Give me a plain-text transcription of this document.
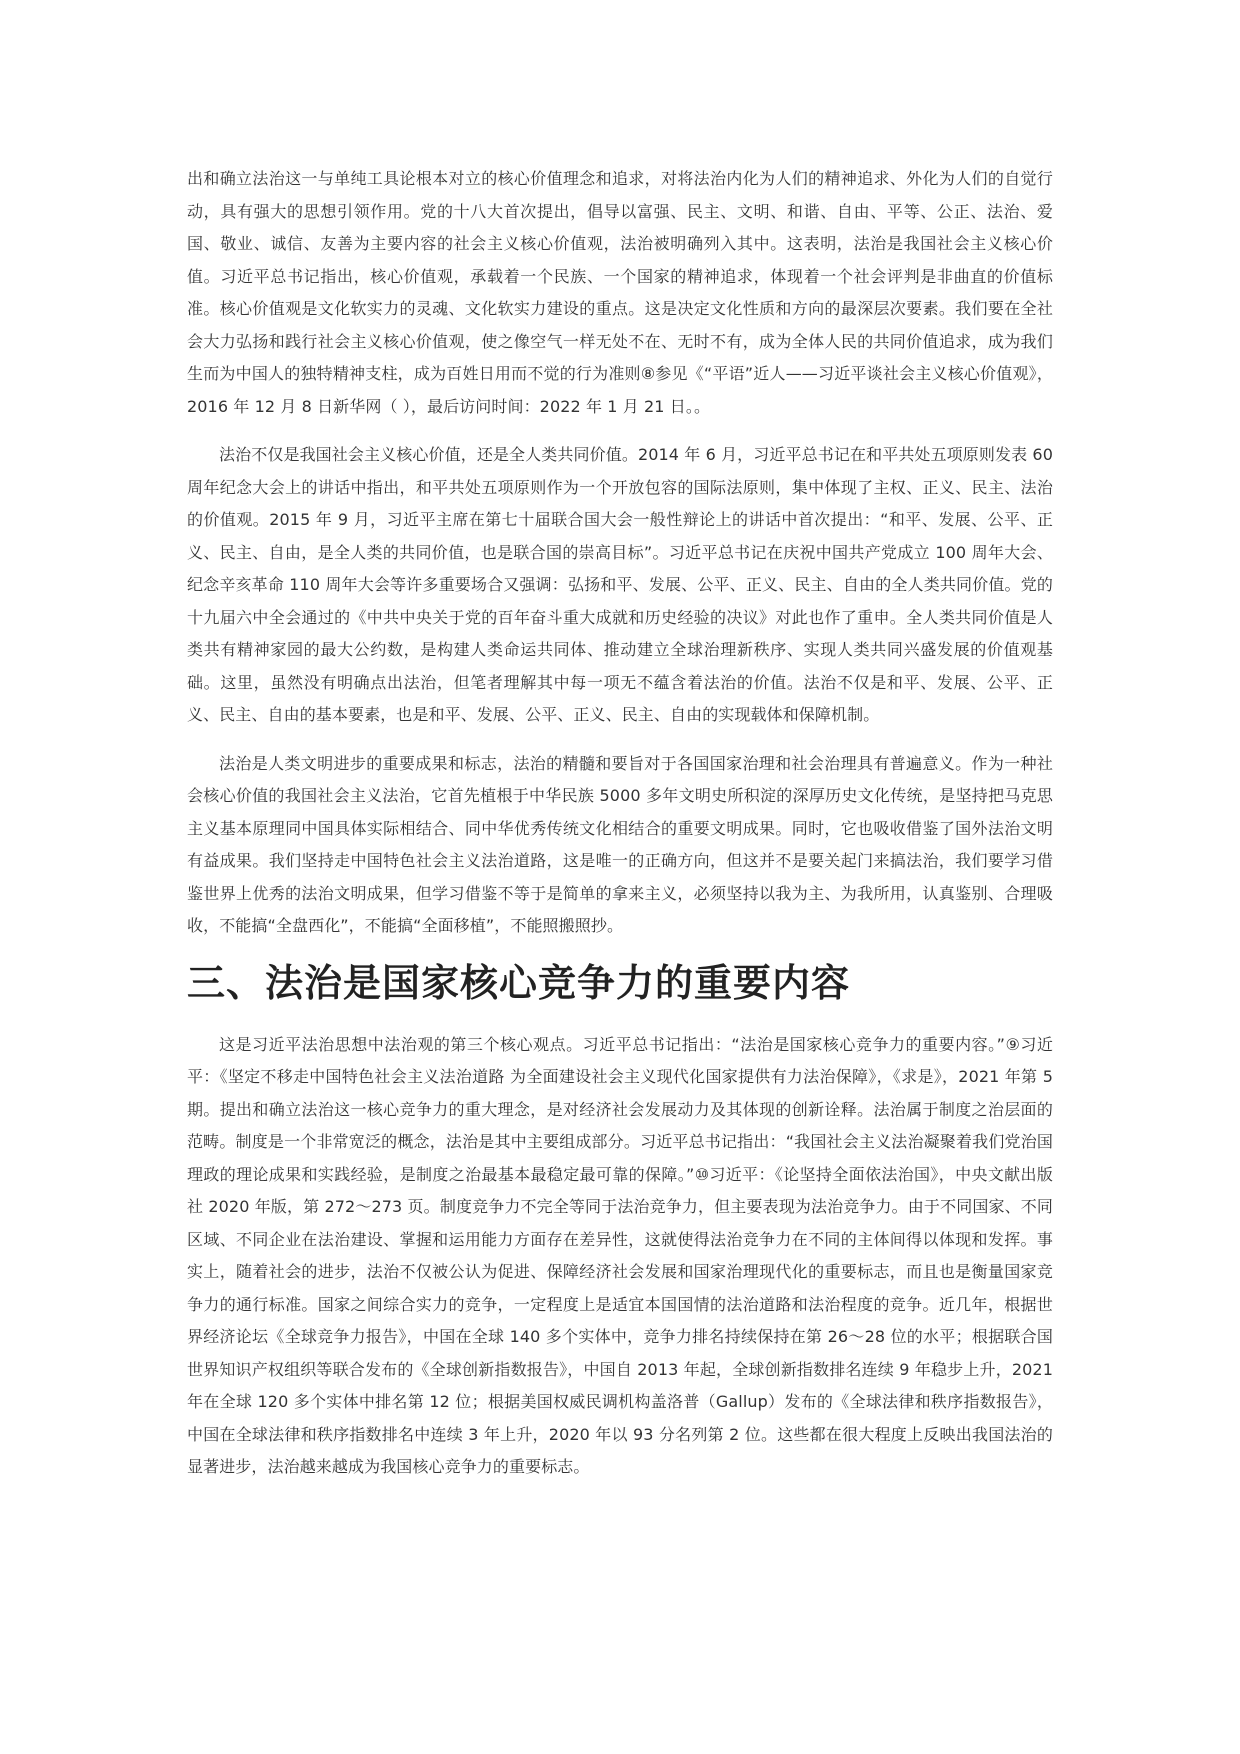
出和确立法治这一与单纯工具论根本对立的核心价值理念和追求，对将法治内化为人们的精神追求、外化为人们的自觉行动，具有强大的思想引领作用。党的十八大首次提出，倡导以富强、民主、文明、和谐、自由、平等、公正、法治、爱国、敬业、诚信、友善为主要内容的社会主义核心价值观，法治被明确列入其中。这表明，法治是我国社会主义核心价值。习近平总书记指出，核心价值观，承载着一个民族、一个国家的精神追求，体现着一个社会评判是非曲直的价值标准。核心价值观是文化软实力的灵魂、文化软实力建设的重点。这是决定文化性质和方向的最深层次要素。我们要在全社会大力弘扬和践行社会主义核心价值观，使之像空气一样无处不在、无时不有，成为全体人民的共同价值追求，成为我们生而为中国人的独特精神支柱，成为百姓日用而不觉的行为准则⑧参见《“平语”近人——习近平谈社会主义核心价值观》，2016 年 12 月 8 日新华网（ ），最后访问时间：2022 年 1 月 21 日。。

法治不仅是我国社会主义核心价值，还是全人类共同价值。2014 年 6 月，习近平总书记在和平共处五项原则发表 60 周年纪念大会上的讲话中指出，和平共处五项原则作为一个开放包容的国际法原则，集中体现了主权、正义、民主、法治的价值观。2015 年 9 月，习近平主席在第七十届联合国大会一般性辩论上的讲话中首次提出：“和平、发展、公平、正义、民主、自由，是全人类的共同价值，也是联合国的崇高目标”。习近平总书记在庆祝中国共产党成立 100 周年大会、纪念辛亥革命 110 周年大会等许多重要场合又强调：弘扬和平、发展、公平、正义、民主、自由的全人类共同价值。党的十九届六中全会通过的《中共中央关于党的百年奋斗重大成就和历史经验的决议》对此也作了重申。全人类共同价值是人类共有精神家园的最大公约数，是构建人类命运共同体、推动建立全球治理新秩序、实现人类共同兴盛发展的价值观基础。这里，虽然没有明确点出法治，但笔者理解其中每一项无不蕴含着法治的价值。法治不仅是和平、发展、公平、正义、民主、自由的基本要素，也是和平、发展、公平、正义、民主、自由的实现载体和保障机制。

法治是人类文明进步的重要成果和标志，法治的精髓和要旨对于各国国家治理和社会治理具有普遍意义。作为一种社会核心价值的我国社会主义法治，它首先植根于中华民族 5000 多年文明史所积淀的深厚历史文化传统，是坚持把马克思主义基本原理同中国具体实际相结合、同中华优秀传统文化相结合的重要文明成果。同时，它也吸收借鉴了国外法治文明有益成果。我们坚持走中国特色社会主义法治道路，这是唯一的正确方向，但这并不是要关起门来搞法治，我们要学习借鉴世界上优秀的法治文明成果，但学习借鉴不等于是简单的拿来主义，必须坚持以我为主、为我所用，认真鉴别、合理吸收，不能搞“全盘西化”，不能搞“全面移植”，不能照搬照抄。

三、法治是国家核心竞争力的重要内容

这是习近平法治思想中法治观的第三个核心观点。习近平总书记指出：“法治是国家核心竞争力的重要内容。”⑨习近平：《坚定不移走中国特色社会主义法治道路 为全面建设社会主义现代化国家提供有力法治保障》，《求是》，2021 年第 5 期。提出和确立法治这一核心竞争力的重大理念，是对经济社会发展动力及其体现的创新诠释。法治属于制度之治层面的范畴。制度是一个非常宽泛的概念，法治是其中主要组成部分。习近平总书记指出：“我国社会主义法治凝聚着我们党治国理政的理论成果和实践经验，是制度之治最基本最稳定最可靠的保障。”⑩习近平：《论坚持全面依法治国》，中央文献出版社 2020 年版，第 272～273 页。制度竞争力不完全等同于法治竞争力，但主要表现为法治竞争力。由于不同国家、不同区域、不同企业在法治建设、掌握和运用能力方面存在差异性，这就使得法治竞争力在不同的主体间得以体现和发挥。事实上，随着社会的进步，法治不仅被公认为促进、保障经济社会发展和国家治理现代化的重要标志，而且也是衡量国家竞争力的通行标准。国家之间综合实力的竞争，一定程度上是适宜本国国情的法治道路和法治程度的竞争。近几年，根据世界经济论坛《全球竞争力报告》，中国在全球 140 多个实体中，竞争力排名持续保持在第 26～28 位的水平；根据联合国世界知识产权组织等联合发布的《全球创新指数报告》，中国自 2013 年起，全球创新指数排名连续 9 年稳步上升，2021 年在全球 120 多个实体中排名第 12 位；根据美国权威民调机构盖洛普（Gallup）发布的《全球法律和秩序指数报告》，中国在全球法律和秩序指数排名中连续 3 年上升，2020 年以 93 分名列第 2 位。这些都在很大程度上反映出我国法治的显著进步，法治越来越成为我国核心竞争力的重要标志。
